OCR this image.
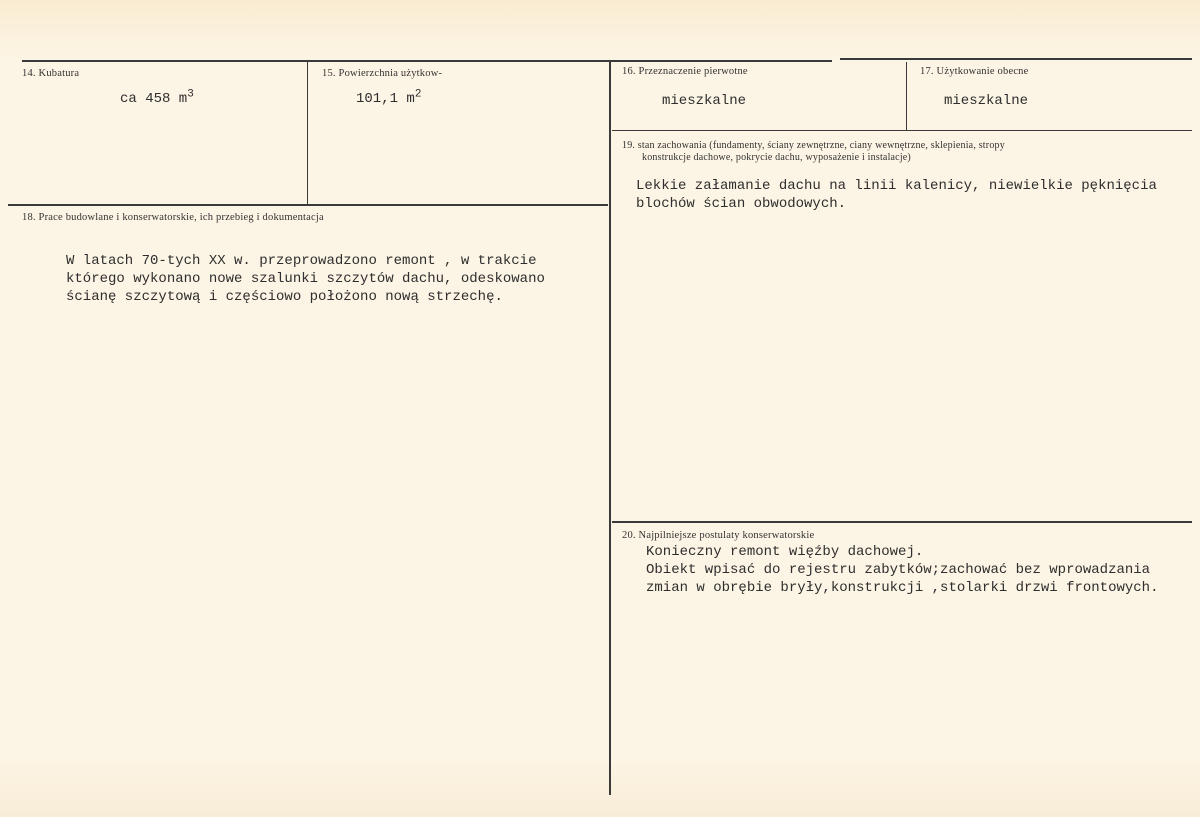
14. Kubatura
ca 458 $m^3$
15. Powierzchnia użytkow-
101,1 $m^2$
16. Przeznaczenie pierwotne
mieszkalne
17. Użytkowanie obecne
mieszkalne
19. stan zachowania (fundamenty, ściany zewnętrzne, ciany wewnętrzne, sklepienia, stropy
konstrukcje dachowe, pokrycie dachu, wyposażenie i instalacje)
Lekkie załamanie dachu na linii kalenicy, niewielkie pęknięcia
blochów ścian obwodowych.
18. Prace budowlane i konserwatorskie, ich przebieg i dokumentacja
W latach 70-tych XX w. przeprowadzono remont , w trakcie
którego wykonano nowe szalunki szczytów dachu, odeskowano
ścianę szczytową i częściowo położono nową strzechę.
20. Najpilniejsze postulaty konserwatorskie
Konieczny remont więźby dachowej.
Obiekt wpisać do rejestru zabytków;zachować bez wprowadzania
zmian w obrębie bryły,konstrukcji ,stolarki drzwi frontowych.
